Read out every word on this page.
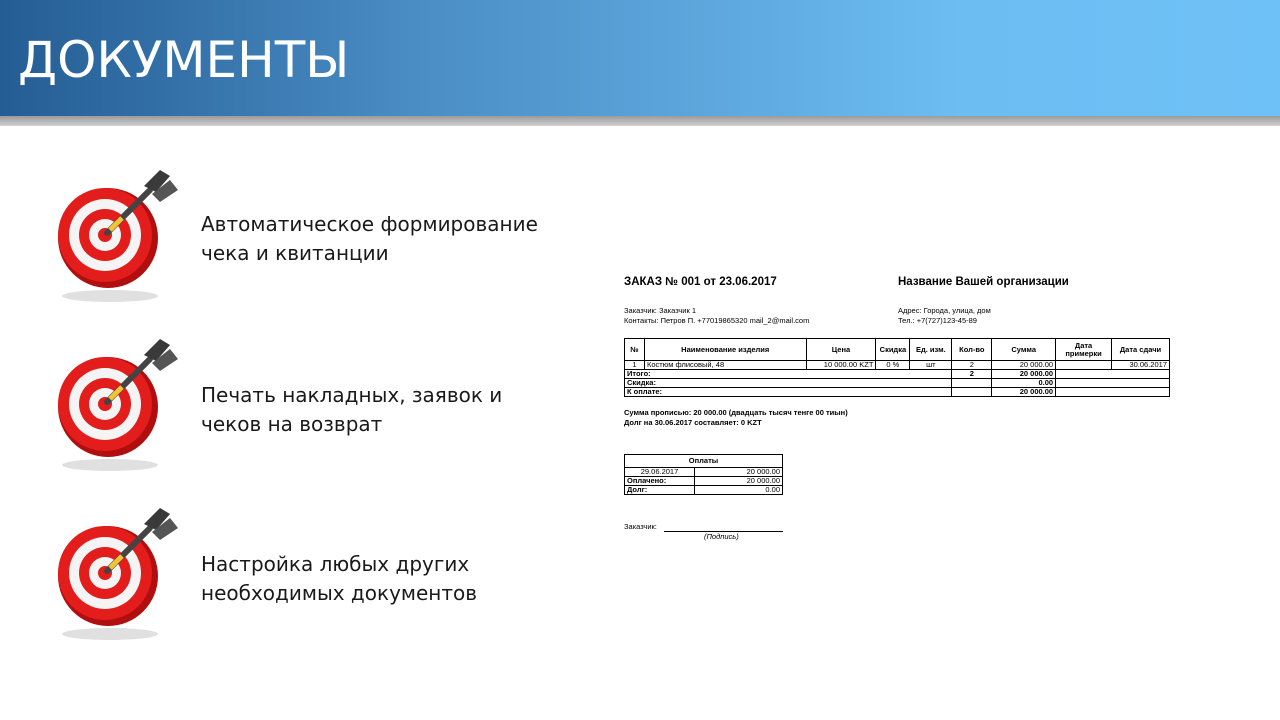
ДОКУМЕНТЫ
Автоматическое формирование
чека и квитанции
Печать накладных, заявок и
чеков на возврат
Настройка любых других
необходимых документов
ЗАКАЗ № 001 от 23.06.2017	Название Вашей организации
Заказчик: Заказчик 1
Контакты: Петров П. +77019865320 mail_2@mail.com
Адрес: Города, улица, дом
Тел.: +7(727)123-45-89
№	Наименование изделия	Цена	Скидка	Ед. изм.	Кол-во	Сумма	Дата примерки	Дата сдачи
1	Костюм флисовый, 48	10 000.00 KZT	0 %	шт	2	20 000.00		30.06.2017
Итого:					2	20 000.00		
Скидка:						0.00		
К оплате:						20 000.00		
Сумма прописью: 20 000.00 (двадцать тысяч тенге 00 тиын)
Долг на 30.06.2017 составляет: 0 KZT
Оплаты	
29.06.2017	20 000.00
Оплачено:	20 000.00
Долг:	0.00
Заказчик:
(Подпись)
